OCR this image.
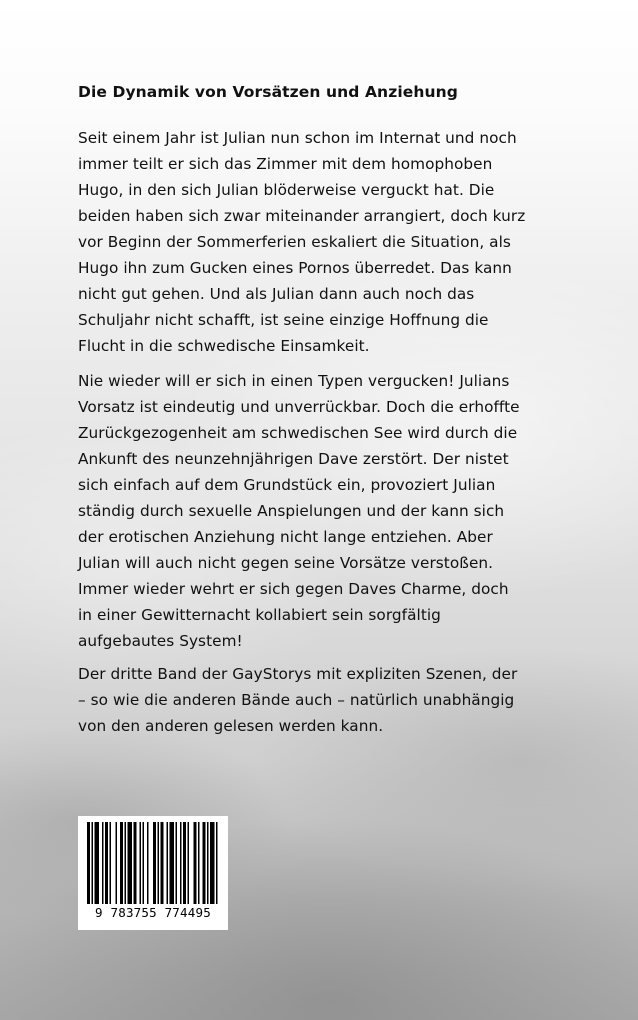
Die Dynamik von Vorsätzen und Anziehung

Seit einem Jahr ist Julian nun schon im Internat und noch
immer teilt er sich das Zimmer mit dem homophoben
Hugo, in den sich Julian blöderweise verguckt hat. Die
beiden haben sich zwar miteinander arrangiert, doch kurz
vor Beginn der Sommerferien eskaliert die Situation, als
Hugo ihn zum Gucken eines Pornos überredet. Das kann
nicht gut gehen. Und als Julian dann auch noch das
Schuljahr nicht schafft, ist seine einzige Hoffnung die
Flucht in die schwedische Einsamkeit.

Nie wieder will er sich in einen Typen vergucken! Julians
Vorsatz ist eindeutig und unverrückbar. Doch die erhoffte
Zurückgezogenheit am schwedischen See wird durch die
Ankunft des neunzehnjährigen Dave zerstört. Der nistet
sich einfach auf dem Grundstück ein, provoziert Julian
ständig durch sexuelle Anspielungen und der kann sich
der erotischen Anziehung nicht lange entziehen. Aber
Julian will auch nicht gegen seine Vorsätze verstoßen.
Immer wieder wehrt er sich gegen Daves Charme, doch
in einer Gewitternacht kollabiert sein sorgfältig
aufgebautes System!

Der dritte Band der GayStorys mit expliziten Szenen, der
– so wie die anderen Bände auch – natürlich unabhängig
von den anderen gelesen werden kann.

9 783755 774495
